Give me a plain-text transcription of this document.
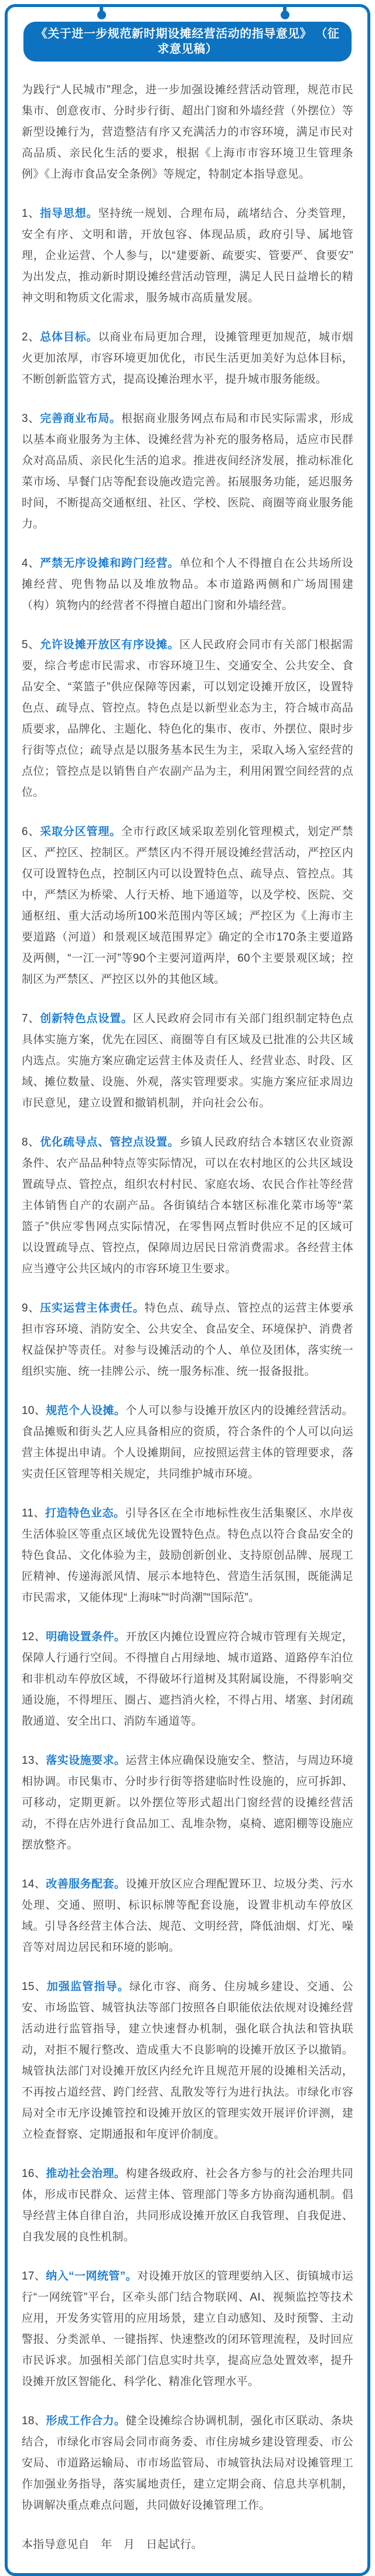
《关于进一步规范新时期设摊经营活动的指导意见》 （征求意见稿）

为践行“人民城市”理念，进一步加强设摊经营活动管理，规范市民集市、创意夜市、分时步行街、超出门窗和外墙经营（外摆位）等新型设摊行为，营造整洁有序又充满活力的市容环境，满足市民对高品质、亲民化生活的要求，根据《上海市市容环境卫生管理条例》《上海市食品安全条例》等规定，特制定本指导意见。

1、指导思想。坚持统一规划、合理布局，疏堵结合、分类管理，安全有序、文明和谐，开放包容、体现品质，政府引导、属地管理，企业运营、个人参与，以“建要新、疏要实、管要严、食要安”为出发点，推动新时期设摊经营活动管理，满足人民日益增长的精神文明和物质文化需求，服务城市高质量发展。

2、总体目标。以商业布局更加合理，设摊管理更加规范，城市烟火更加浓厚，市容环境更加优化，市民生活更加美好为总体目标，不断创新监管方式，提高设摊治理水平，提升城市服务能级。

3、完善商业布局。根据商业服务网点布局和市民实际需求，形成以基本商业服务为主体、设摊经营为补充的服务格局，适应市民群众对高品质、亲民化生活的追求。推进夜间经济发展，推动标准化菜市场、早餐门店等配套设施改造完善。拓展服务功能，延迟服务时间，不断提高交通枢纽、社区、学校、医院、商圈等商业服务能力。

4、严禁无序设摊和跨门经营。单位和个人不得擅自在公共场所设摊经营、兜售物品以及堆放物品。本市道路两侧和广场周围建（构）筑物内的经营者不得擅自超出门窗和外墙经营。

5、允许设摊开放区有序设摊。区人民政府会同市有关部门根据需要，综合考虑市民需求、市容环境卫生、交通安全、公共安全、食品安全、“菜篮子”供应保障等因素，可以划定设摊开放区，设置特色点、疏导点、管控点。特色点是以新型业态为主，符合城市高品质要求，品牌化、主题化、特色化的集市、夜市、外摆位、限时步行街等点位；疏导点是以服务基本民生为主，采取入场入室经营的点位；管控点是以销售自产农副产品为主，利用闲置空间经营的点位。

6、采取分区管理。全市行政区域采取差别化管理模式，划定严禁区、严控区、控制区。严禁区内不得开展设摊经营活动，严控区内仅可设置特色点，控制区内可以设置特色点、疏导点、管控点。其中，严禁区为桥梁、人行天桥、地下通道等，以及学校、医院、交通枢纽、重大活动场所100米范围内等区域；严控区为《上海市主要道路（河道）和景观区域范围界定》确定的全市170条主要道路及两侧，“一江一河”等90个主要河道两岸，60个主要景观区域；控制区为严禁区、严控区以外的其他区域。

7、创新特色点设置。区人民政府会同市有关部门组织制定特色点具体实施方案，优先在园区、商圈等自有区域及已批准的公共区域内选点。实施方案应确定运营主体及责任人、经营业态、时段、区域、摊位数量、设施、外观，落实管理要求。实施方案应征求周边市民意见，建立设置和撤销机制，并向社会公布。

8、优化疏导点、管控点设置。乡镇人民政府结合本辖区农业资源条件、农产品品种特点等实际情况，可以在农村地区的公共区域设置疏导点、管控点，组织农村村民、家庭农场、农民合作社等经营主体销售自产的农副产品。各街镇结合本辖区标准化菜市场等“菜篮子”供应零售网点实际情况，在零售网点暂时供应不足的区域可以设置疏导点、管控点，保障周边居民日常消费需求。各经营主体应当遵守公共区域内的市容环境卫生要求。

9、压实运营主体责任。特色点、疏导点、管控点的运营主体要承担市容环境、消防安全、公共安全、食品安全、环境保护、消费者权益保护等责任。对参与设摊活动的个人、单位及团体，落实统一组织实施、统一挂牌公示、统一服务标准、统一报备报批。

10、规范个人设摊。个人可以参与设摊开放区内的设摊经营活动。食品摊贩和街头艺人应具备相应的资质，符合条件的个人可以向运营主体提出申请。个人设摊期间，应按照运营主体的管理要求，落实责任区管理等相关规定，共同维护城市环境。

11、打造特色业态。引导各区在全市地标性夜生活集聚区、水岸夜生活体验区等重点区域优先设置特色点。特色点以符合食品安全的特色食品、文化体验为主，鼓励创新创业、支持原创品牌、展现工匠精神、传递海派风情、展示本地特色、营造生活氛围，既能满足市民需求，又能体现“上海味”“时尚潮”“国际范”。

12、明确设置条件。开放区内摊位设置应符合城市管理有关规定，保障人行通行空间。不得擅自占用绿地、城市道路、道路停车泊位和非机动车停放区域，不得破坏行道树及其附属设施，不得影响交通设施，不得埋压、圈占、遮挡消火栓，不得占用、堵塞、封闭疏散通道、安全出口、消防车通道等。

13、落实设施要求。运营主体应确保设施安全、整洁，与周边环境相协调。市民集市、分时步行街等搭建临时性设施的，应可拆卸、可移动，定期更新。以外摆位等形式超出门窗经营的设摊经营活动，不得在店外进行食品加工、乱堆杂物，桌椅、遮阳棚等设施应摆放整齐。

14、改善服务配套。设摊开放区应合理配置环卫、垃圾分类、污水处理、交通、照明、标识标牌等配套设施，设置非机动车停放区域。引导各经营主体合法、规范、文明经营，降低油烟、灯光、噪音等对周边居民和环境的影响。

15、加强监管指导。绿化市容、商务、住房城乡建设、交通、公安、市场监管、城管执法等部门按照各自职能依法依规对设摊经营活动进行监管指导，建立快速督办机制，强化联合执法和管执联动，对拒不履行整改、造成重大不良影响的设摊开放区予以撤销。城管执法部门对设摊开放区内经允许且规范开展的设摊相关活动，不再按占道经营、跨门经营、乱散发等行为进行执法。市绿化市容局对全市无序设摊管控和设摊开放区的管理实效开展评价评测，建立检查督察、定期通报和年度评价制度。

16、推动社会治理。构建各级政府、社会各方参与的社会治理共同体，形成市民群众、运营主体、管理部门等多方协商沟通机制。倡导经营主体自律自治，共同形成设摊开放区自我管理、自我促进、自我发展的良性机制。

17、纳入“一网统管”。对设摊开放区的管理要纳入区、街镇城市运行“一网统管”平台，区牵头部门结合物联网、AI、视频监控等技术应用，开发务实管用的应用场景，建立自动感知、及时预警、主动警报、分类派单、一键指挥、快速整改的闭环管理流程，及时回应市民诉求。加强相关部门信息实时共享，提高应急处置效率，提升设摊开放区智能化、科学化、精准化管理水平。

18、形成工作合力。健全设摊综合协调机制，强化市区联动、条块结合，市绿化市容局会同市商务委、市住房城乡建设管理委、市公安局、市道路运输局、市市场监管局、市城管执法局对设摊管理工作加强业务指导，落实属地责任，建立定期会商、信息共享机制，协调解决重点难点问题，共同做好设摊管理工作。

本指导意见自　年　月　日起试行。
